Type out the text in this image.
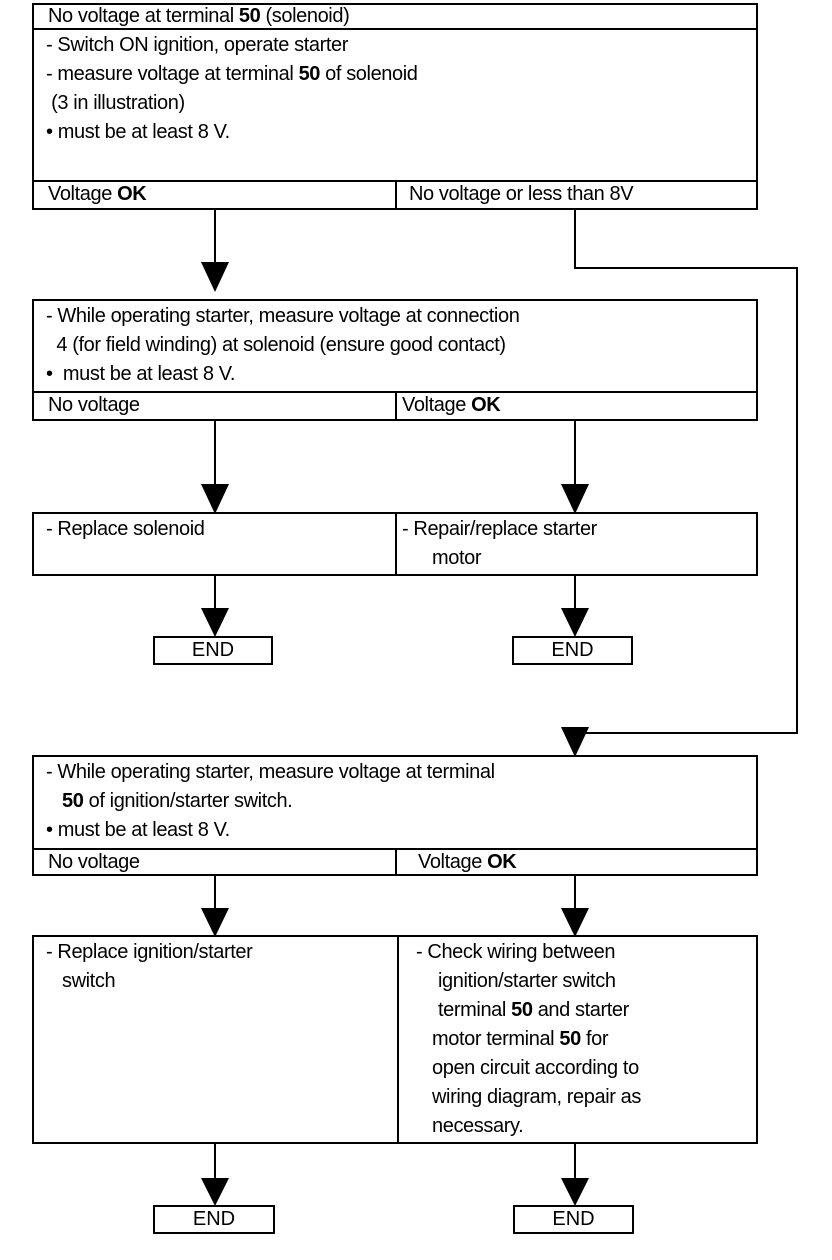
No voltage at terminal 50 (solenoid)
- Switch ON ignition, operate starter
- measure voltage at terminal 50 of solenoid
(3 in illustration)
• must be at least 8 V.
Voltage OK	No voltage or less than 8V
- While operating starter, measure voltage at connection
4 (for field winding) at solenoid (ensure good contact)
•  must be at least 8 V.
No voltage	Voltage OK
- Replace solenoid	- Repair/replace starter
motor
END	END
- While operating starter, measure voltage at terminal
50 of ignition/starter switch.
• must be at least 8 V.
No voltage	Voltage OK
- Replace ignition/starter
switch
- Check wiring between
ignition/starter switch
terminal 50 and starter
motor terminal 50 for
open circuit according to
wiring diagram, repair as
necessary.
END	END
